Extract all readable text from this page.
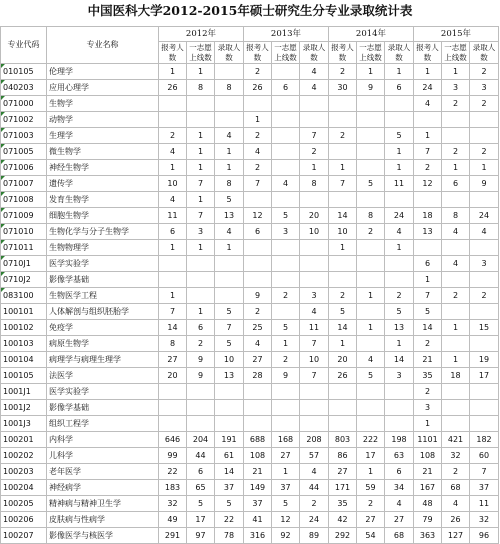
中国医科大学2012-2015年硕士研究生分专业录取统计表
专业代码	专业名称	2012年			2013年			2014年			2015年		
		报考人数	一志愿上线数	录取人数	报考人数	一志愿上线数	录取人数	报考人数	一志愿上线数	录取人数	报考人数	一志愿上线数	录取人数
010105	伦理学	1	1		2		4	2	1	1	1	1	2
040203	应用心理学	26	8	8	26	6	4	30	9	6	24	3	3
071000	生物学										4	2	2
071002	动物学				1								
071003	生理学	2	1	4	2		7	2		5	1		
071005	微生物学	4	1	1	4		2			1	7	2	2
071006	神经生物学	1	1	1	2		1	1		1	2	1	1
071007	遗传学	10	7	8	7	4	8	7	5	11	12	6	9
071008	发育生物学	4	1	5									
071009	细胞生物学	11	7	13	12	5	20	14	8	24	18	8	24
071010	生物化学与分子生物学	6	3	4	6	3	10	10	2	4	13	4	4
071011	生物物理学	1	1	1				1		1			
0710J1	医学实验学										6	4	3
0710J2	影像学基础										1		
083100	生物医学工程	1			9	2	3	2	1	2	7	2	2
100101	人体解剖与组织胚胎学	7	1	5	2		4	5		5	5		
100102	免疫学	14	6	7	25	5	11	14	1	13	14	1	15
100103	病原生物学	8	2	5	4	1	7	1		1	2		
100104	病理学与病理生理学	27	9	10	27	2	10	20	4	14	21	1	19
100105	法医学	20	9	13	28	9	7	26	5	3	35	18	17
1001J1	医学实验学										2		
1001J2	影像学基础										3		
1001J3	组织工程学										1		
100201	内科学	646	204	191	688	168	208	803	222	198	1101	421	182
100202	儿科学	99	44	61	108	27	57	86	17	63	108	32	60
100203	老年医学	22	6	14	21	1	4	27	1	6	21	2	7
100204	神经病学	183	65	37	149	37	44	171	59	34	167	68	37
100205	精神病与精神卫生学	32	5	5	37	5	2	35	2	4	48	4	11
100206	皮肤病与性病学	49	17	22	41	12	24	42	27	27	79	26	32
100207	影像医学与核医学	291	97	78	316	92	89	292	54	68	363	127	96
